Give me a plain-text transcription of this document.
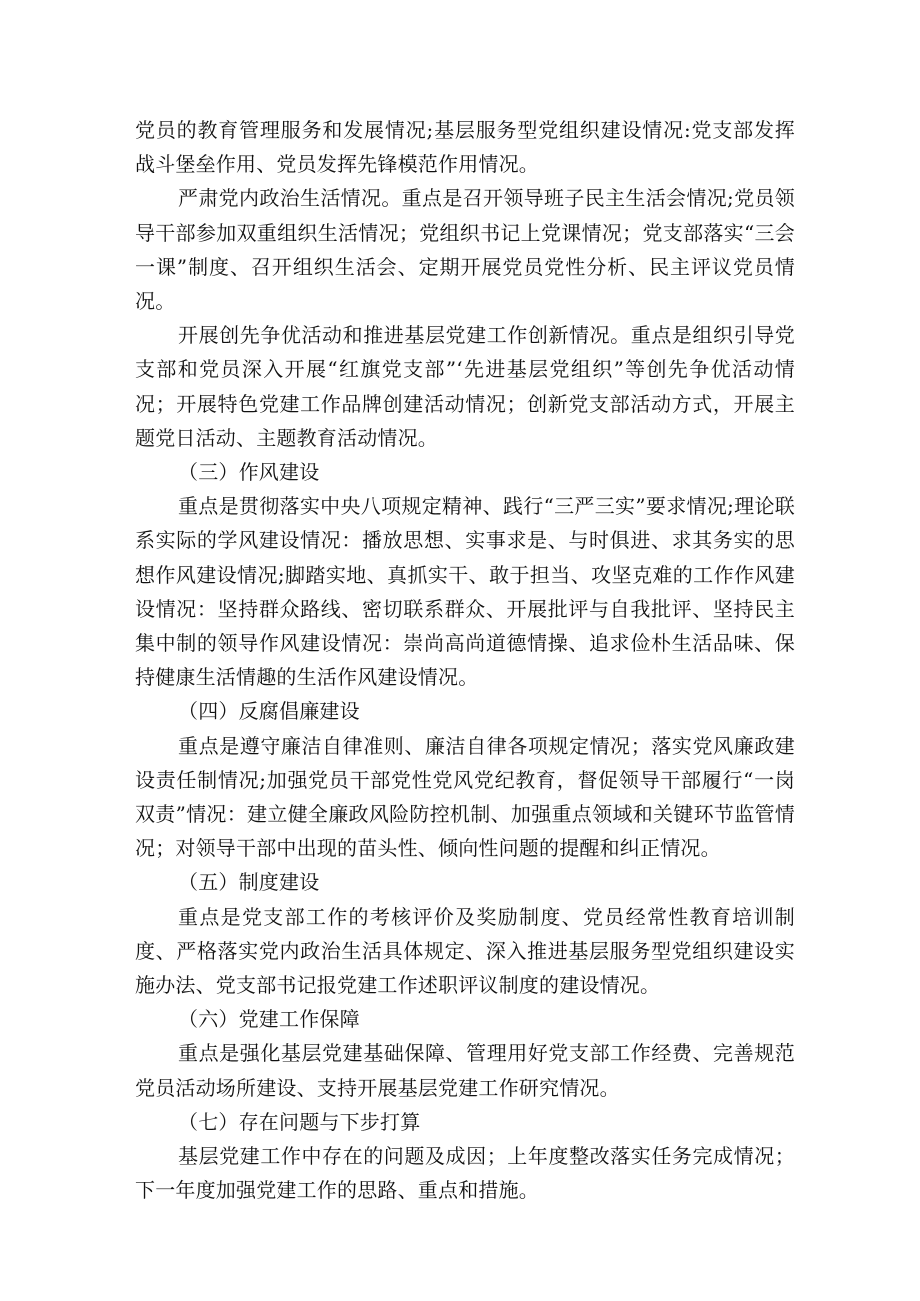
党员的教育管理服务和发展情况;基层服务型党组织建设情况:党支部发挥战斗堡垒作用、党员发挥先锋模范作用情况。

严肃党内政治生活情况。重点是召开领导班子民主生活会情况;党员领导干部参加双重组织生活情况；党组织书记上党课情况；党支部落实“三会一课”制度、召开组织生活会、定期开展党员党性分析、民主评议党员情况。

开展创先争优活动和推进基层党建工作创新情况。重点是组织引导党支部和党员深入开展“红旗党支部”‘先进基层党组织”等创先争优活动情况；开展特色党建工作品牌创建活动情况；创新党支部活动方式，开展主题党日活动、主题教育活动情况。

（三）作风建设

重点是贯彻落实中央八项规定精神、践行“三严三实”要求情况;理论联系实际的学风建设情况：播放思想、实事求是、与时俱进、求其务实的思想作风建设情况;脚踏实地、真抓实干、敢于担当、攻坚克难的工作作风建设情况：坚持群众路线、密切联系群众、开展批评与自我批评、坚持民主集中制的领导作风建设情况：崇尚高尚道德情操、追求俭朴生活品味、保持健康生活情趣的生活作风建设情况。

（四）反腐倡廉建设

重点是遵守廉洁自律准则、廉洁自律各项规定情况；落实党风廉政建设责任制情况;加强党员干部党性党风党纪教育，督促领导干部履行“一岗双责”情况：建立健全廉政风险防控机制、加强重点领域和关键环节监管情况；对领导干部中出现的苗头性、倾向性问题的提醒和纠正情况。

（五）制度建设

重点是党支部工作的考核评价及奖励制度、党员经常性教育培训制度、严格落实党内政治生活具体规定、深入推进基层服务型党组织建设实施办法、党支部书记报党建工作述职评议制度的建设情况。

（六）党建工作保障

重点是强化基层党建基础保障、管理用好党支部工作经费、完善规范党员活动场所建设、支持开展基层党建工作研究情况。

（七）存在问题与下步打算

基层党建工作中存在的问题及成因；上年度整改落实任务完成情况；下一年度加强党建工作的思路、重点和措施。
